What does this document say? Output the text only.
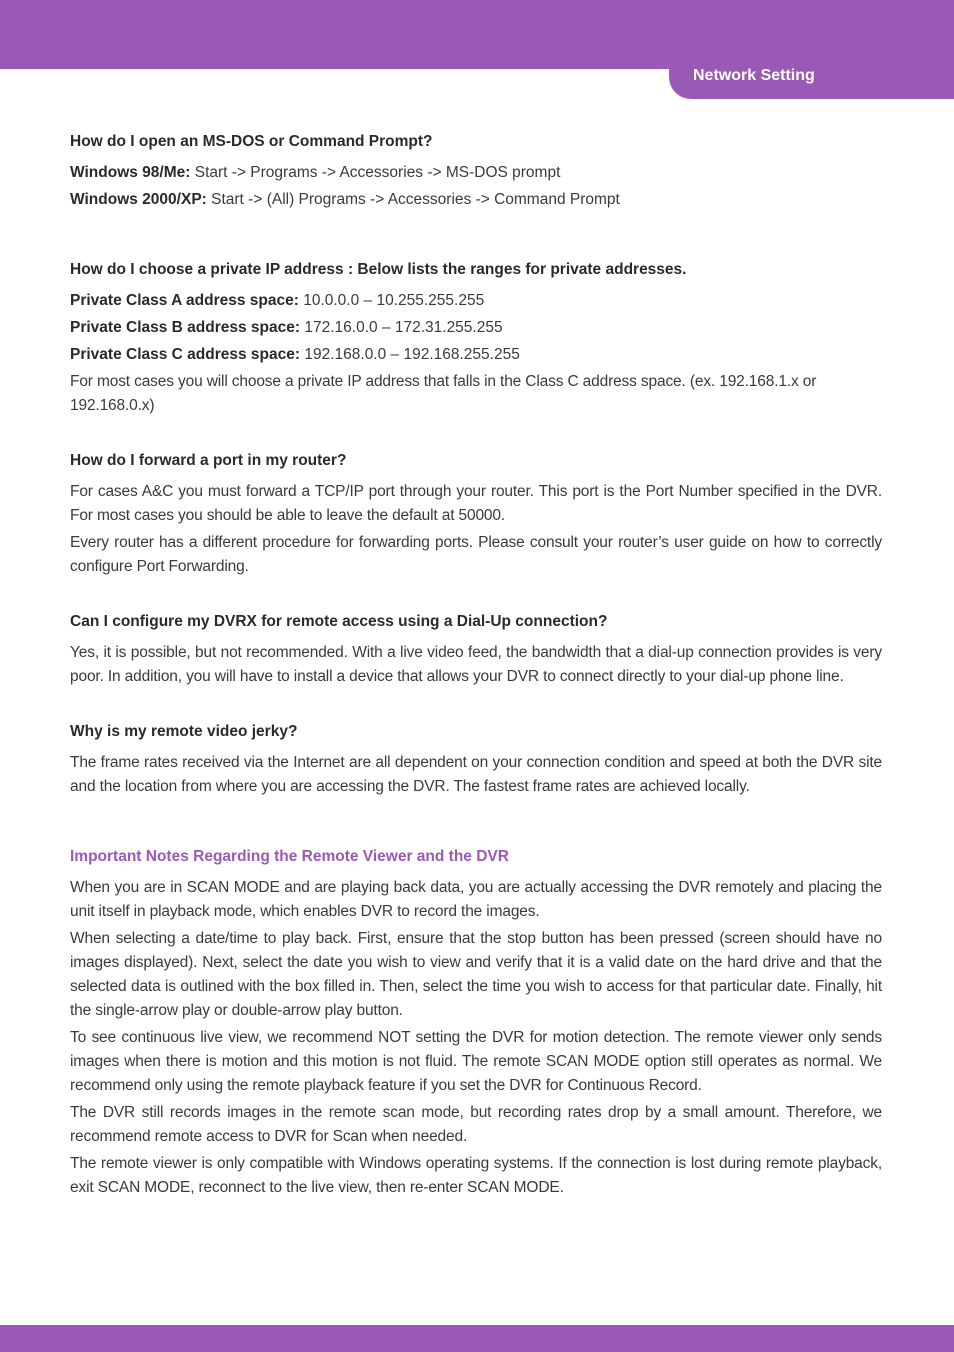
Network Setting
How do I open an MS-DOS or Command Prompt?
Windows 98/Me: Start -> Programs -> Accessories -> MS-DOS prompt
Windows 2000/XP: Start -> (All) Programs -> Accessories -> Command Prompt
How do I choose a private IP address : Below lists the ranges for private addresses.
Private Class A address space: 10.0.0.0 – 10.255.255.255
Private Class B address space: 172.16.0.0 – 172.31.255.255
Private Class C address space: 192.168.0.0 – 192.168.255.255
For most cases you will choose a private IP address that falls in the Class C address space. (ex. 192.168.1.x or 192.168.0.x)
How do I forward a port in my router?
For cases A&C you must forward a TCP/IP port through your router. This port is the Port Number specified in the DVR. For most cases you should be able to leave the default at 50000.
Every router has a different procedure for forwarding ports. Please consult your router’s user guide on how to correctly configure Port Forwarding.
Can I configure my DVRX for remote access using a Dial-Up connection?
Yes, it is possible, but not recommended. With a live video feed, the bandwidth that a dial-up connection provides is very poor. In addition, you will have to install a device that allows your DVR to connect directly to your dial-up phone line.
Why is my remote video jerky?
The frame rates received via the Internet are all dependent on your connection condition and speed at both the DVR site and the location from where you are accessing the DVR. The fastest frame rates are achieved locally.
Important Notes Regarding the Remote Viewer and the DVR
When you are in SCAN MODE and are playing back data, you are actually accessing the DVR remotely and placing the unit itself in playback mode, which enables DVR to record the images.
When selecting a date/time to play back. First, ensure that the stop button has been pressed (screen should have no images displayed). Next, select the date you wish to view and verify that it is a valid date on the hard drive and that the selected data is outlined with the box filled in. Then, select the time you wish to access for that particular date. Finally, hit the single-arrow play or double-arrow play button.
To see continuous live view, we recommend NOT setting the DVR for motion detection. The remote viewer only sends images when there is motion and this motion is not fluid. The remote SCAN MODE option still operates as normal. We recommend only using the remote playback feature if you set the DVR for Continuous Record.
The DVR still records images in the remote scan mode, but recording rates drop by a small amount. Therefore, we recommend remote access to DVR for Scan when needed.
The remote viewer is only compatible with Windows operating systems. If the connection is lost during remote playback, exit SCAN MODE, reconnect to the live view, then re-enter SCAN MODE.
